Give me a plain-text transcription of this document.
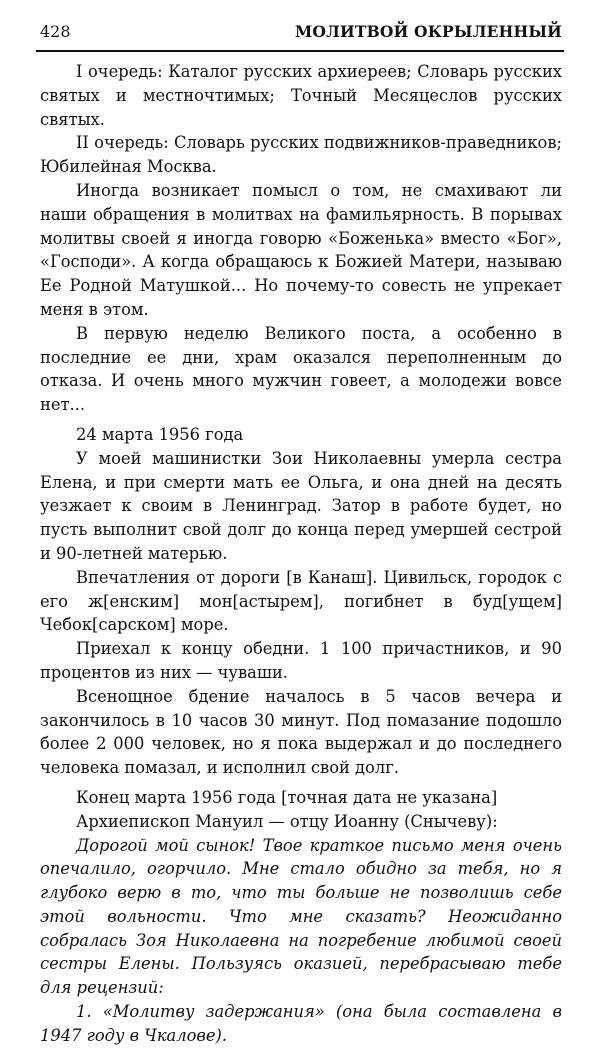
428	МОЛИТВОЙ ОКРЫЛЕННЫЙ

I очередь: Каталог русских архиереев; Словарь русских святых и местночтимых; Точный Месяцеслов русских святых.

II очередь: Словарь русских подвижников-праведников; Юбилейная Москва.

Иногда возникает помысл о том, не смахивают ли наши обращения в молитвах на фамильярность. В порывах молитвы своей я иногда говорю «Боженька» вместо «Бог», «Господи». А когда обращаюсь к Божией Матери, называю Ее Родной Матушкой... Но почему-то совесть не упрекает меня в этом.

В первую неделю Великого поста, а особенно в последние ее дни, храм оказался переполненным до отказа. И очень много мужчин говеет, а молодежи вовсе нет...

24 марта 1956 года

У моей машинистки Зои Николаевны умерла сестра Елена, и при смерти мать ее Ольга, и она дней на десять уезжает к своим в Ленинград. Затор в работе будет, но пусть выполнит свой долг до конца перед умершей сестрой и 90-летней матерью.

Впечатления от дороги [в Канаш]. Цивильск, городок с его ж[енским] мон[астырем], погибнет в буд[ущем] Чебок[сарском] море.

Приехал к концу обедни. 1 100 причастников, и 90 процентов из них — чуваши.

Всенощное бдение началось в 5 часов вечера и закончилось в 10 часов 30 минут. Под помазание подошло более 2 000 человек, но я пока выдержал и до последнего человека помазал, и исполнил свой долг.

Конец марта 1956 года [точная дата не указана]

Архиепископ Мануил — отцу Иоанну (Снычеву):

Дорогой мой сынок! Твое краткое письмо меня очень опечалило, огорчило. Мне стало обидно за тебя, но я глубоко верю в то, что ты больше не позволишь себе этой вольности. Что мне сказать? Неожиданно собралась Зоя Николаевна на погребение любимой своей сестры Елены. Пользуясь оказией, перебрасываю тебе для рецензий:

1. «Молитву задержания» (она была составлена в 1947 году в Чкалове).
